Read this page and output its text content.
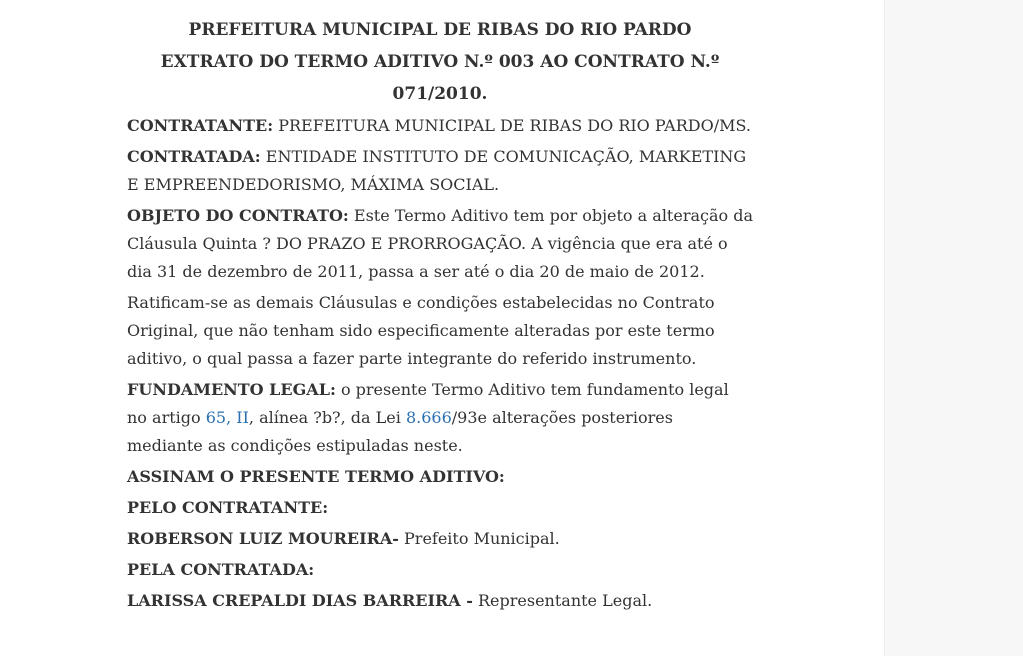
PREFEITURA MUNICIPAL DE RIBAS DO RIO PARDO

EXTRATO DO TERMO ADITIVO N.º 003 AO CONTRATO N.º 071/2010.

CONTRATANTE: PREFEITURA MUNICIPAL DE RIBAS DO RIO PARDO/MS.

CONTRATADA: ENTIDADE INSTITUTO DE COMUNICAÇÃO, MARKETING E EMPREENDEDORISMO, MÁXIMA SOCIAL.

OBJETO DO CONTRATO: Este Termo Aditivo tem por objeto a alteração da Cláusula Quinta ? DO PRAZO E PRORROGAÇÃO. A vigência que era até o dia 31 de dezembro de 2011, passa a ser até o dia 20 de maio de 2012.

Ratificam-se as demais Cláusulas e condições estabelecidas no Contrato Original, que não tenham sido especificamente alteradas por este termo aditivo, o qual passa a fazer parte integrante do referido instrumento.

FUNDAMENTO LEGAL: o presente Termo Aditivo tem fundamento legal no artigo 65, II, alínea ?b?, da Lei 8.666/93e alterações posteriores mediante as condições estipuladas neste.

ASSINAM O PRESENTE TERMO ADITIVO:

PELO CONTRATANTE:

ROBERSON LUIZ MOUREIRA- Prefeito Municipal.

PELA CONTRATADA:

LARISSA CREPALDI DIAS BARREIRA - Representante Legal.
